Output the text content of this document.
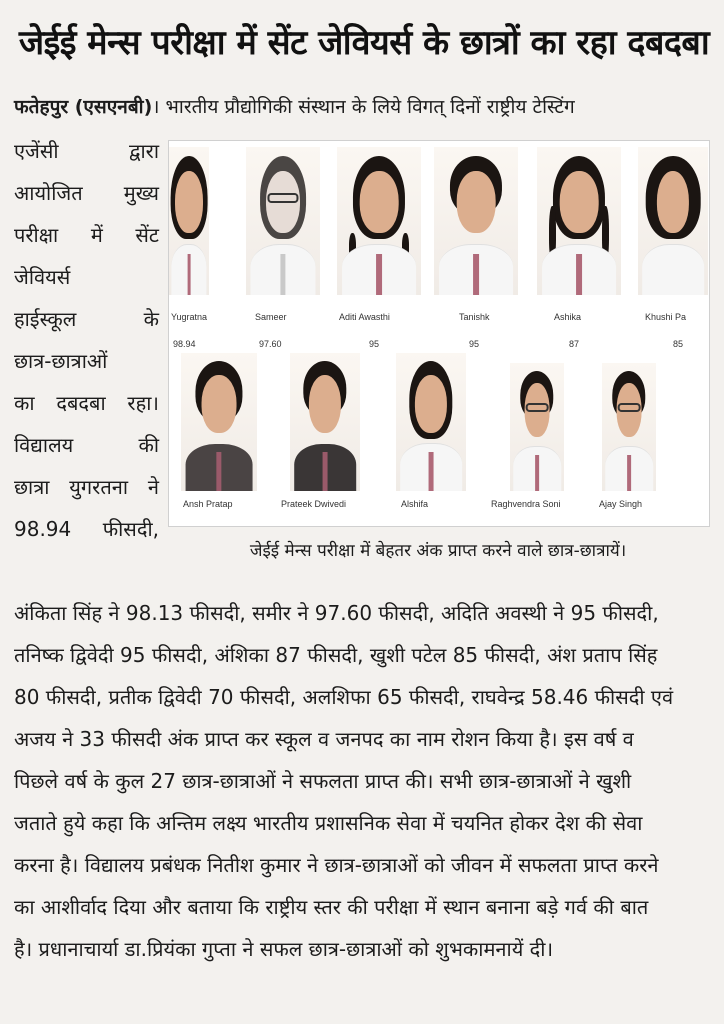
जेईई मेन्स परीक्षा में सेंट जेवियर्स के छात्रों का रहा दबदबा

फतेहपुर (एसएनबी)। भारतीय प्रौद्योगिकी संस्थान के लिये विगत् दिनों राष्ट्रीय टेस्टिंग

एजेंसी द्वारा

आयोजित मुख्य

परीक्षा में सेंट

जेवियर्स

हाईस्कूल के

छात्र-छात्राओं

का दबदबा रहा।

विद्यालय की

छात्रा युगरतना ने

98.94 फीसदी,

Yugratna
98.94
Sameer
97.60
Aditi Awasthi
95
Tanishk
95
Ashika
87
Khushi Pa
85
Ansh Pratap	Prateek Dwivedi	Alshifa	Raghvendra Soni	Ajay Singh

जेईई मेन्स परीक्षा में बेहतर अंक प्राप्त करने वाले छात्र-छात्रायें।

अंकिता सिंह ने 98.13 फीसदी, समीर ने 97.60 फीसदी, अदिति अवस्थी ने 95 फीसदी,

तनिष्क द्विवेदी 95 फीसदी, अंशिका 87 फीसदी, खुशी पटेल 85 फीसदी, अंश प्रताप सिंह

80 फीसदी, प्रतीक द्विवेदी 70 फीसदी, अलशिफा 65 फीसदी, राघवेन्द्र 58.46 फीसदी एवं

अजय ने 33 फीसदी अंक प्राप्त कर स्कूल व जनपद का नाम रोशन किया है। इस वर्ष व

पिछले वर्ष के कुल 27 छात्र-छात्राओं ने सफलता प्राप्त की। सभी छात्र-छात्राओं ने खुशी

जताते हुये कहा कि अन्तिम लक्ष्य भारतीय प्रशासनिक सेवा में चयनित होकर देश की सेवा

करना है। विद्यालय प्रबंधक नितीश कुमार ने छात्र-छात्राओं को जीवन में सफलता प्राप्त करने

का आशीर्वाद दिया और बताया कि राष्ट्रीय स्तर की परीक्षा में स्थान बनाना बड़े गर्व की बात

है। प्रधानाचार्या डा.प्रियंका गुप्ता ने सफल छात्र-छात्राओं को शुभकामनायें दी।
